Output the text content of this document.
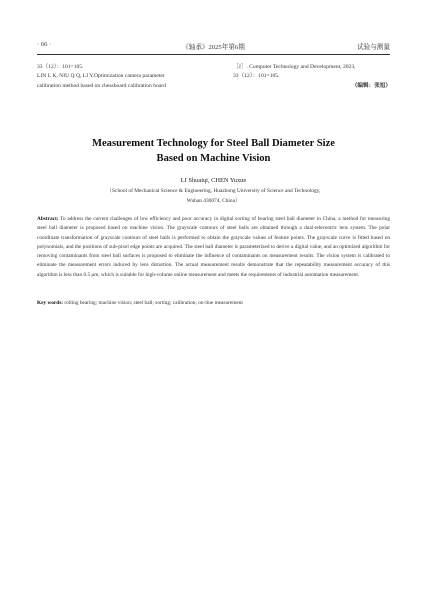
· 66 ·	《轴承》2025年第6期	试验与测量
33（12）：101=105.
LIN L K, NIU Q Q, LI Y.Optimization camera parameter
calibration method based on chessboard calibration board
［J］. Computer Technology and Development, 2023,
33（12）：101=105.
（编辑：张旭）
Measurement Technology for Steel Ball Diameter Size
Based on Machine Vision
LI Shuaiqi, CHEN Yuxue
（School of Mechanical Science & Engineering, Huazhong University of Science and Technology,
Wuhan 430074, China）
Abstract: To address the current challenges of low efficiency and poor accuracy in digital sorting of bearing steel ball diameter in China, a method for measuring steel ball diameter is proposed based on machine vision. The grayscale contours of steel balls are obtained through a dual-telecentric lens system. The polar coordinate transformation of grayscale contours of steel balls is performed to obtain the grayscale values of feature points. The grayscale curve is fitted based on polynomials, and the positions of sub-pixel edge points are acquired. The steel ball diameter is parameterized to derive a digital value, and an optimized algorithm for removing contaminants from steel ball surfaces is proposed to eliminate the influence of contaminants on measurement results. The vision system is calibrated to eliminate the measurement errors induced by lens distortion. The actual measurement results demonstrate that the repeatability measurement accuracy of this algorithm is less than 0.5 μm, which is suitable for high-volume online measurement and meets the requirements of industrial automation measurement.
Key words: rolling bearing; machine vision; steel ball; sorting; calibration; on-line measurement
